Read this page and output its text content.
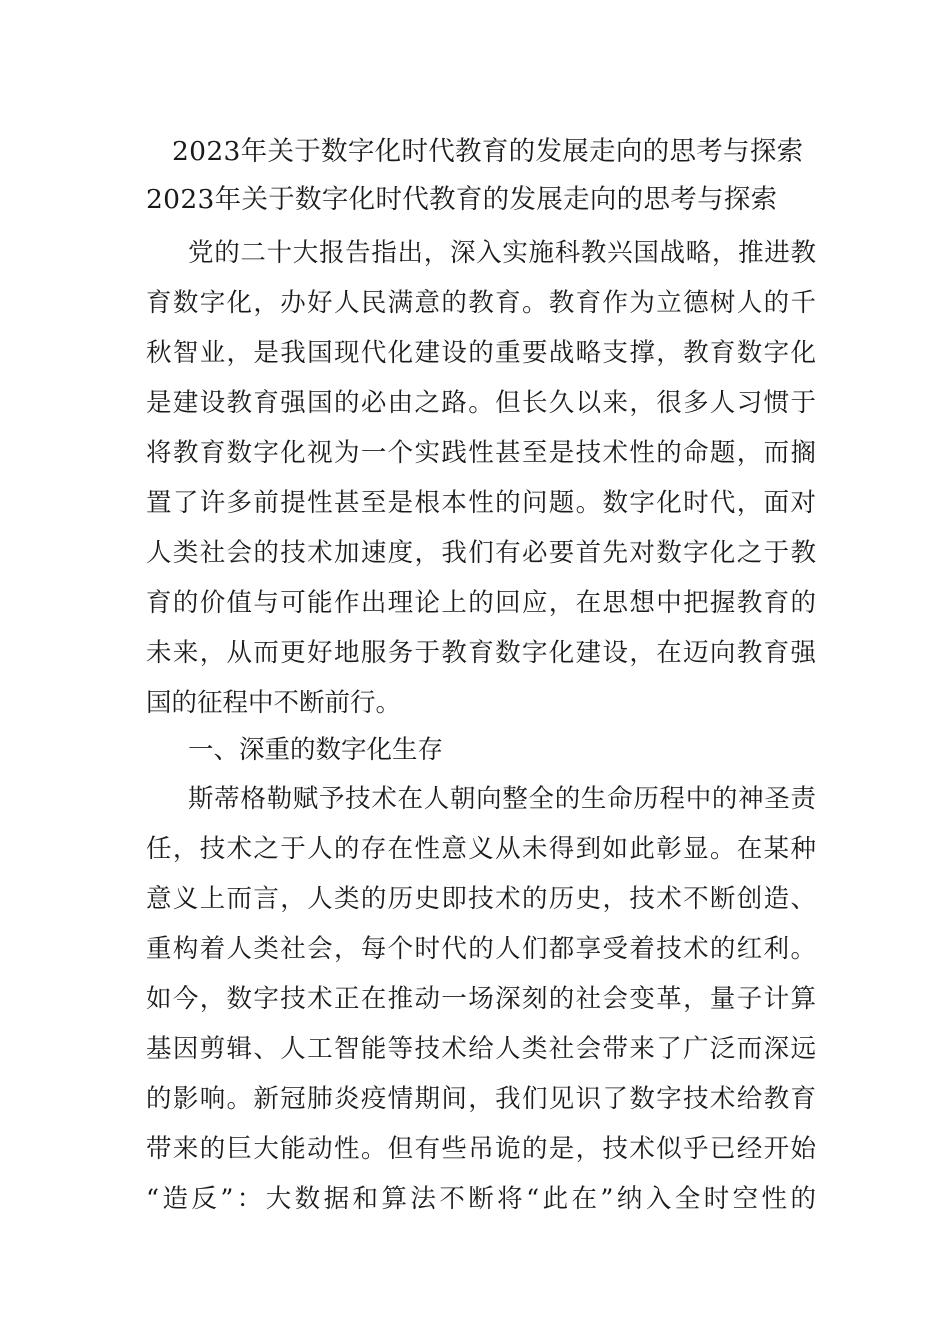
2023年关于数字化时代教育的发展走向的思考与探索
2023年关于数字化时代教育的发展走向的思考与探索
党的二十大报告指出，深入实施科教兴国战略，推进教
育数字化，办好人民满意的教育。教育作为立德树人的千
秋智业，是我国现代化建设的重要战略支撑，教育数字化
是建设教育强国的必由之路。但长久以来，很多人习惯于
将教育数字化视为一个实践性甚至是技术性的命题，而搁
置了许多前提性甚至是根本性的问题。数字化时代，面对
人类社会的技术加速度，我们有必要首先对数字化之于教
育的价值与可能作出理论上的回应，在思想中把握教育的
未来，从而更好地服务于教育数字化建设，在迈向教育强
国的征程中不断前行。
一、深重的数字化生存
斯蒂格勒赋予技术在人朝向整全的生命历程中的神圣责
任，技术之于人的存在性意义从未得到如此彰显。在某种
意义上而言，人类的历史即技术的历史，技术不断创造、
重构着人类社会，每个时代的人们都享受着技术的红利。
如今，数字技术正在推动一场深刻的社会变革，量子计算
基因剪辑、人工智能等技术给人类社会带来了广泛而深远
的影响。新冠肺炎疫情期间，我们见识了数字技术给教育
带来的巨大能动性。但有些吊诡的是，技术似乎已经开始
“造反”：大数据和算法不断将“此在”纳入全时空性的
